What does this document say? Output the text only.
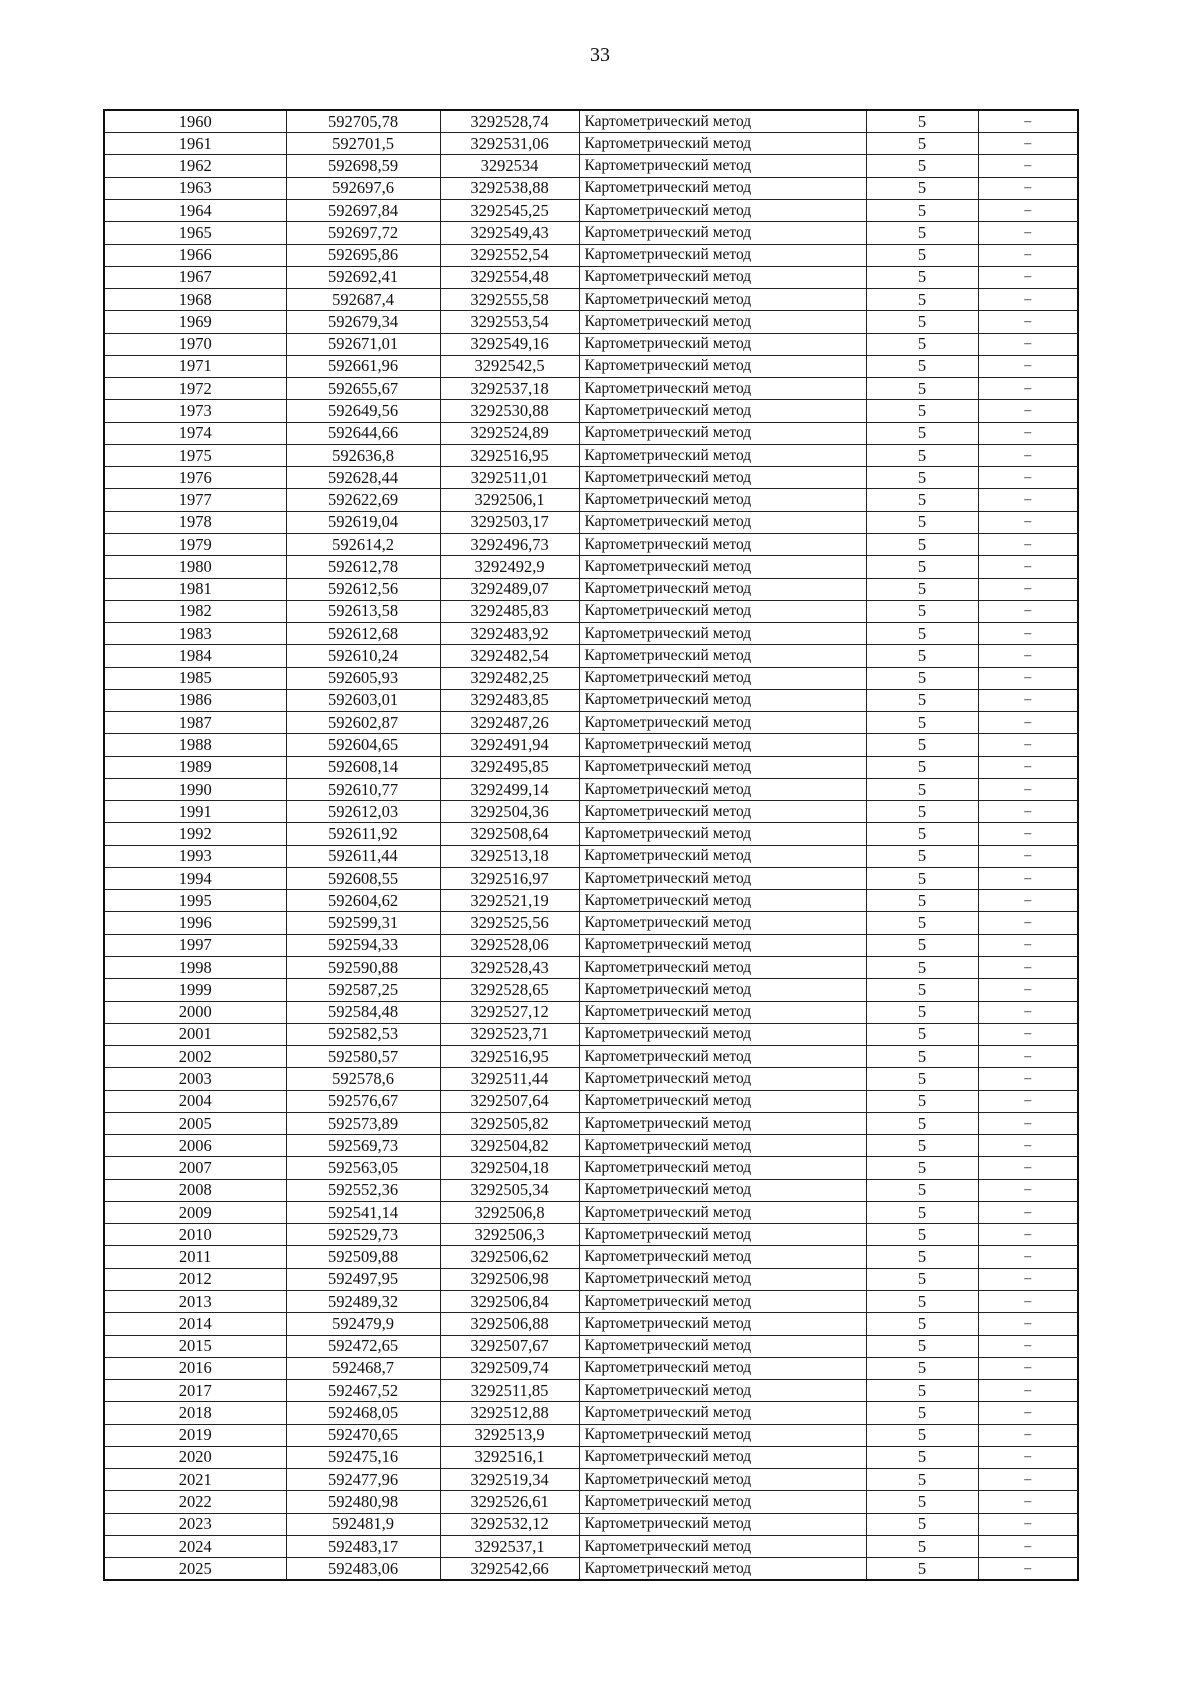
33
1960	592705,78	3292528,74	Картометрический метод	5	–
1961	592701,5	3292531,06	Картометрический метод	5	–
1962	592698,59	3292534	Картометрический метод	5	–
1963	592697,6	3292538,88	Картометрический метод	5	–
1964	592697,84	3292545,25	Картометрический метод	5	–
1965	592697,72	3292549,43	Картометрический метод	5	–
1966	592695,86	3292552,54	Картометрический метод	5	–
1967	592692,41	3292554,48	Картометрический метод	5	–
1968	592687,4	3292555,58	Картометрический метод	5	–
1969	592679,34	3292553,54	Картометрический метод	5	–
1970	592671,01	3292549,16	Картометрический метод	5	–
1971	592661,96	3292542,5	Картометрический метод	5	–
1972	592655,67	3292537,18	Картометрический метод	5	–
1973	592649,56	3292530,88	Картометрический метод	5	–
1974	592644,66	3292524,89	Картометрический метод	5	–
1975	592636,8	3292516,95	Картометрический метод	5	–
1976	592628,44	3292511,01	Картометрический метод	5	–
1977	592622,69	3292506,1	Картометрический метод	5	–
1978	592619,04	3292503,17	Картометрический метод	5	–
1979	592614,2	3292496,73	Картометрический метод	5	–
1980	592612,78	3292492,9	Картометрический метод	5	–
1981	592612,56	3292489,07	Картометрический метод	5	–
1982	592613,58	3292485,83	Картометрический метод	5	–
1983	592612,68	3292483,92	Картометрический метод	5	–
1984	592610,24	3292482,54	Картометрический метод	5	–
1985	592605,93	3292482,25	Картометрический метод	5	–
1986	592603,01	3292483,85	Картометрический метод	5	–
1987	592602,87	3292487,26	Картометрический метод	5	–
1988	592604,65	3292491,94	Картометрический метод	5	–
1989	592608,14	3292495,85	Картометрический метод	5	–
1990	592610,77	3292499,14	Картометрический метод	5	–
1991	592612,03	3292504,36	Картометрический метод	5	–
1992	592611,92	3292508,64	Картометрический метод	5	–
1993	592611,44	3292513,18	Картометрический метод	5	–
1994	592608,55	3292516,97	Картометрический метод	5	–
1995	592604,62	3292521,19	Картометрический метод	5	–
1996	592599,31	3292525,56	Картометрический метод	5	–
1997	592594,33	3292528,06	Картометрический метод	5	–
1998	592590,88	3292528,43	Картометрический метод	5	–
1999	592587,25	3292528,65	Картометрический метод	5	–
2000	592584,48	3292527,12	Картометрический метод	5	–
2001	592582,53	3292523,71	Картометрический метод	5	–
2002	592580,57	3292516,95	Картометрический метод	5	–
2003	592578,6	3292511,44	Картометрический метод	5	–
2004	592576,67	3292507,64	Картометрический метод	5	–
2005	592573,89	3292505,82	Картометрический метод	5	–
2006	592569,73	3292504,82	Картометрический метод	5	–
2007	592563,05	3292504,18	Картометрический метод	5	–
2008	592552,36	3292505,34	Картометрический метод	5	–
2009	592541,14	3292506,8	Картометрический метод	5	–
2010	592529,73	3292506,3	Картометрический метод	5	–
2011	592509,88	3292506,62	Картометрический метод	5	–
2012	592497,95	3292506,98	Картометрический метод	5	–
2013	592489,32	3292506,84	Картометрический метод	5	–
2014	592479,9	3292506,88	Картометрический метод	5	–
2015	592472,65	3292507,67	Картометрический метод	5	–
2016	592468,7	3292509,74	Картометрический метод	5	–
2017	592467,52	3292511,85	Картометрический метод	5	–
2018	592468,05	3292512,88	Картометрический метод	5	–
2019	592470,65	3292513,9	Картометрический метод	5	–
2020	592475,16	3292516,1	Картометрический метод	5	–
2021	592477,96	3292519,34	Картометрический метод	5	–
2022	592480,98	3292526,61	Картометрический метод	5	–
2023	592481,9	3292532,12	Картометрический метод	5	–
2024	592483,17	3292537,1	Картометрический метод	5	–
2025	592483,06	3292542,66	Картометрический метод	5	–
